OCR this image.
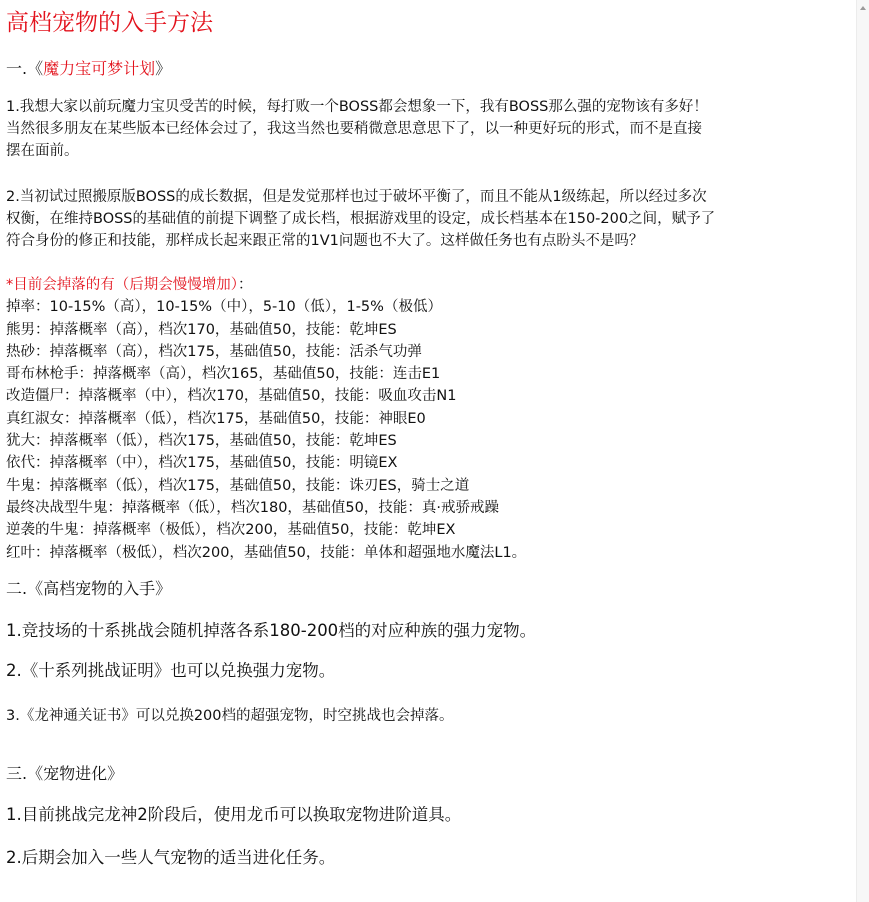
高档宠物的入手方法
一.《魔力宝可梦计划》
1.我想大家以前玩魔力宝贝受苦的时候，每打败一个BOSS都会想象一下，我有BOSS那么强的宠物该有多好！
当然很多朋友在某些版本已经体会过了，我这当然也要稍微意思意思下了，以一种更好玩的形式，而不是直接
摆在面前。
2.当初试过照搬原版BOSS的成长数据，但是发觉那样也过于破坏平衡了，而且不能从1级练起，所以经过多次
权衡，在维持BOSS的基础值的前提下调整了成长档，根据游戏里的设定，成长档基本在150-200之间，赋予了
符合身份的修正和技能，那样成长起来跟正常的1V1问题也不大了。这样做任务也有点盼头不是吗？
*目前会掉落的有（后期会慢慢增加）：
掉率：10-15%（高），10-15%（中），5-10（低），1-5%（极低）
熊男：掉落概率（高），档次170，基础值50，技能：乾坤ES
热砂：掉落概率（高），档次175，基础值50，技能：活杀气功弹
哥布林枪手：掉落概率（高），档次165，基础值50，技能：连击E1
改造僵尸：掉落概率（中），档次170，基础值50，技能：吸血攻击N1
真红淑女：掉落概率（低），档次175，基础值50，技能：神眼E0
犹大：掉落概率（低），档次175，基础值50，技能：乾坤ES
依代：掉落概率（中），档次175，基础值50，技能：明镜EX
牛鬼：掉落概率（低），档次175，基础值50，技能：诛刃ES，骑士之道
最终决战型牛鬼：掉落概率（低），档次180，基础值50，技能：真·戒骄戒躁
逆袭的牛鬼：掉落概率（极低），档次200，基础值50，技能：乾坤EX
红叶：掉落概率（极低），档次200，基础值50，技能：单体和超强地水魔法L1。
二.《高档宠物的入手》
1.竞技场的十系挑战会随机掉落各系180-200档的对应种族的强力宠物。
2.《十系列挑战证明》也可以兑换强力宠物。
3.《龙神通关证书》可以兑换200档的超强宠物，时空挑战也会掉落。
三.《宠物进化》
1.目前挑战完龙神2阶段后，使用龙币可以换取宠物进阶道具。
2.后期会加入一些人气宠物的适当进化任务。
